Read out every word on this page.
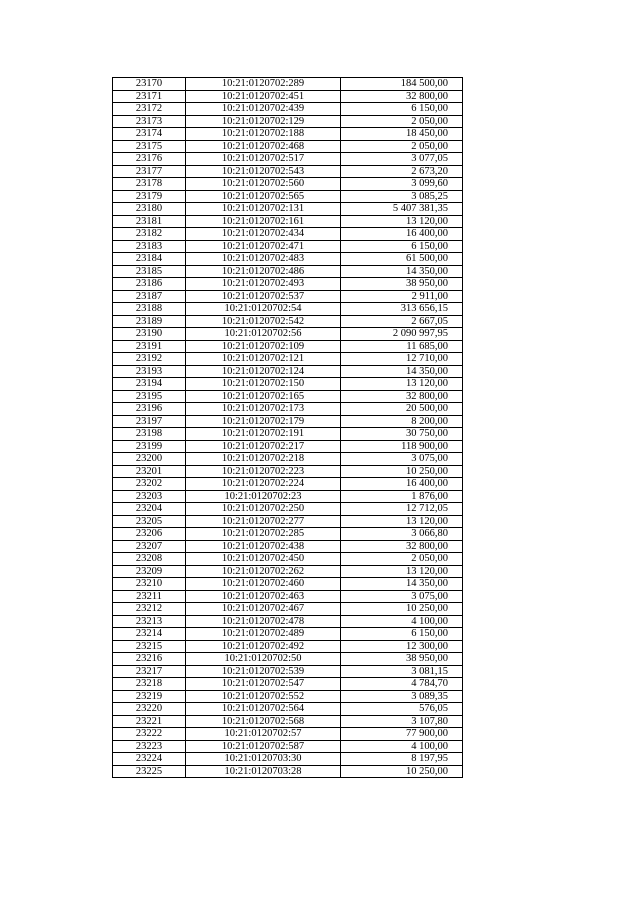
23170	10:21:0120702:289	184 500,00
23171	10:21:0120702:451	32 800,00
23172	10:21:0120702:439	6 150,00
23173	10:21:0120702:129	2 050,00
23174	10:21:0120702:188	18 450,00
23175	10:21:0120702:468	2 050,00
23176	10:21:0120702:517	3 077,05
23177	10:21:0120702:543	2 673,20
23178	10:21:0120702:560	3 099,60
23179	10:21:0120702:565	3 085,25
23180	10:21:0120702:131	5 407 381,35
23181	10:21:0120702:161	13 120,00
23182	10:21:0120702:434	16 400,00
23183	10:21:0120702:471	6 150,00
23184	10:21:0120702:483	61 500,00
23185	10:21:0120702:486	14 350,00
23186	10:21:0120702:493	38 950,00
23187	10:21:0120702:537	2 911,00
23188	10:21:0120702:54	313 656,15
23189	10:21:0120702:542	2 667,05
23190	10:21:0120702:56	2 090 997,95
23191	10:21:0120702:109	11 685,00
23192	10:21:0120702:121	12 710,00
23193	10:21:0120702:124	14 350,00
23194	10:21:0120702:150	13 120,00
23195	10:21:0120702:165	32 800,00
23196	10:21:0120702:173	20 500,00
23197	10:21:0120702:179	8 200,00
23198	10:21:0120702:191	30 750,00
23199	10:21:0120702:217	118 900,00
23200	10:21:0120702:218	3 075,00
23201	10:21:0120702:223	10 250,00
23202	10:21:0120702:224	16 400,00
23203	10:21:0120702:23	1 876,00
23204	10:21:0120702:250	12 712,05
23205	10:21:0120702:277	13 120,00
23206	10:21:0120702:285	3 066,80
23207	10:21:0120702:438	32 800,00
23208	10:21:0120702:450	2 050,00
23209	10:21:0120702:262	13 120,00
23210	10:21:0120702:460	14 350,00
23211	10:21:0120702:463	3 075,00
23212	10:21:0120702:467	10 250,00
23213	10:21:0120702:478	4 100,00
23214	10:21:0120702:489	6 150,00
23215	10:21:0120702:492	12 300,00
23216	10:21:0120702:50	38 950,00
23217	10:21:0120702:539	3 081,15
23218	10:21:0120702:547	4 784,70
23219	10:21:0120702:552	3 089,35
23220	10:21:0120702:564	576,05
23221	10:21:0120702:568	3 107,80
23222	10:21:0120702:57	77 900,00
23223	10:21:0120702:587	4 100,00
23224	10:21:0120703:30	8 197,95
23225	10:21:0120703:28	10 250,00
